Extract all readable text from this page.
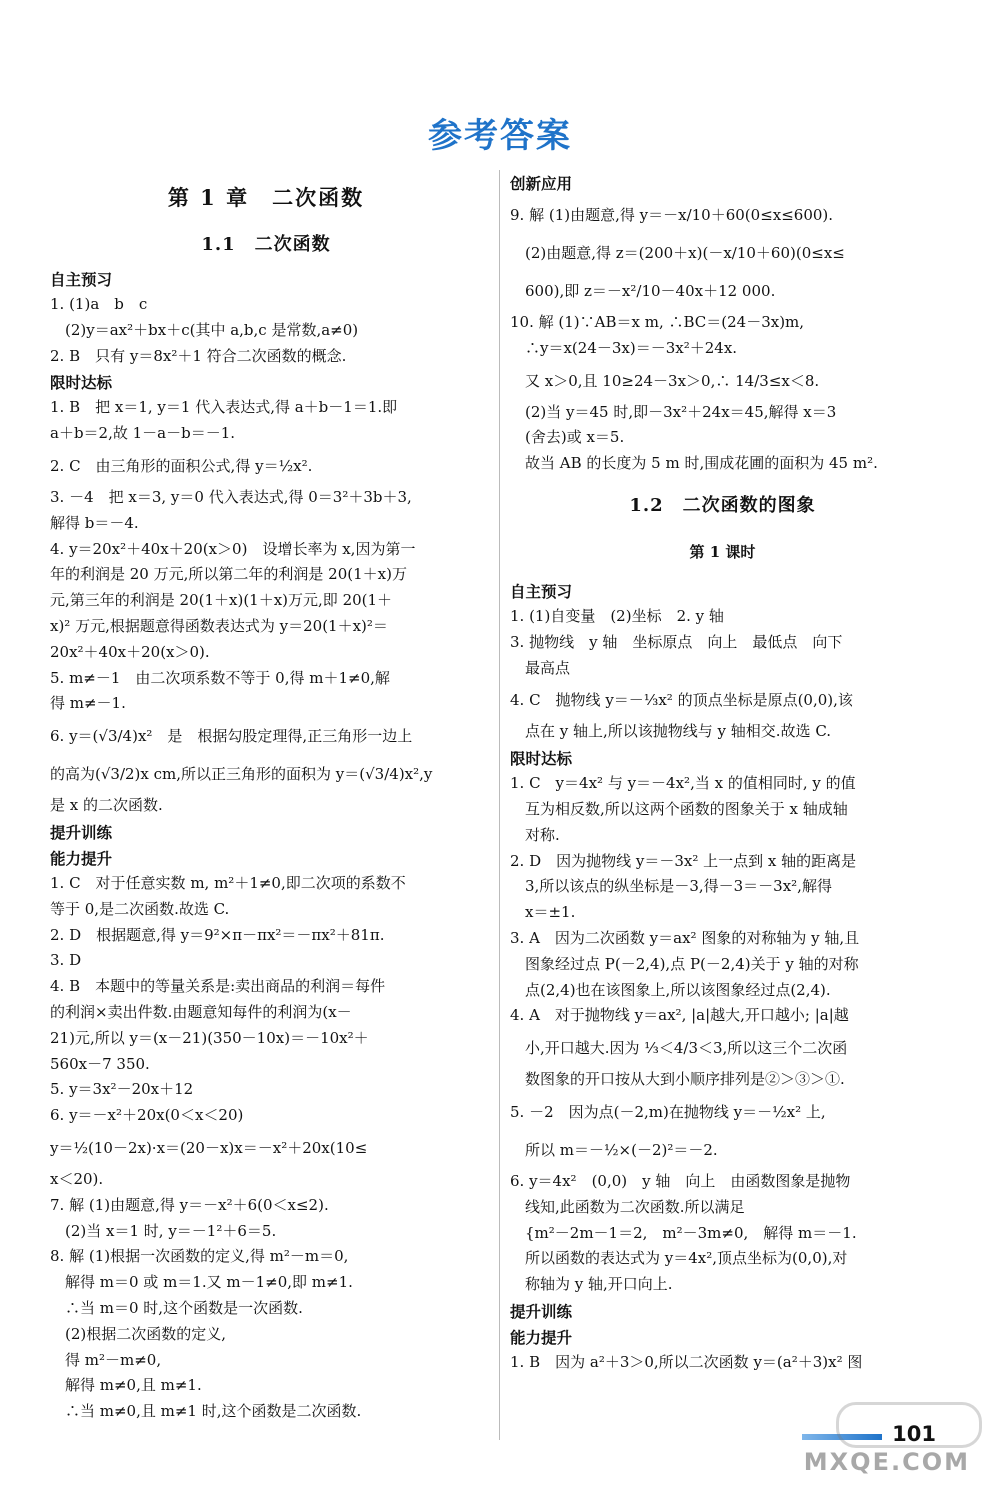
参考答案
第 1 章　二次函数
1.1　二次函数
自主预习
1. (1)a　b　c
　(2)y＝ax²＋bx＋c(其中 a,b,c 是常数,a≠0)
2. B　只有 y＝8x²＋1 符合二次函数的概念.
限时达标
1. B　把 x＝1, y＝1 代入表达式,得 a＋b－1＝1.即
a＋b＝2,故 1－a－b＝－1.
2. C　由三角形的面积公式,得 y＝½x².
3. －4　把 x＝3, y＝0 代入表达式,得 0＝3²＋3b＋3,
解得 b＝－4.
4. y＝20x²＋40x＋20(x＞0)　设增长率为 x,因为第一
年的利润是 20 万元,所以第二年的利润是 20(1＋x)万
元,第三年的利润是 20(1＋x)(1＋x)万元,即 20(1＋
x)² 万元,根据题意得函数表达式为 y＝20(1＋x)²＝
20x²＋40x＋20(x＞0).
5. m≠－1　由二次项系数不等于 0,得 m＋1≠0,解
得 m≠－1.
6. y＝(√3/4)x²　是　根据勾股定理得,正三角形一边上
的高为(√3/2)x cm,所以正三角形的面积为 y＝(√3/4)x²,y
是 x 的二次函数.
提升训练
能力提升
1. C　对于任意实数 m, m²＋1≠0,即二次项的系数不
等于 0,是二次函数.故选 C.
2. D　根据题意,得 y＝9²×π－πx²＝－πx²＋81π.
3. D
4. B　本题中的等量关系是:卖出商品的利润＝每件
的利润×卖出件数.由题意知每件的利润为(x－
21)元,所以 y＝(x－21)(350－10x)＝－10x²＋
560x－7 350.
5. y＝3x²－20x＋12
6. y＝－x²＋20x(0＜x＜20)
y＝½(10－2x)·x＝(20－x)x＝－x²＋20x(10≤
x＜20).
7. 解 (1)由题意,得 y＝－x²＋6(0＜x≤2).
　(2)当 x＝1 时, y＝－1²＋6＝5.
8. 解 (1)根据一次函数的定义,得 m²－m＝0,
　解得 m＝0 或 m＝1.又 m－1≠0,即 m≠1.
　∴当 m＝0 时,这个函数是一次函数.
　(2)根据二次函数的定义,
　得 m²－m≠0,
　解得 m≠0,且 m≠1.
　∴当 m≠0,且 m≠1 时,这个函数是二次函数.
创新应用
9. 解 (1)由题意,得 y＝－x/10＋60(0≤x≤600).
　(2)由题意,得 z＝(200＋x)(－x/10＋60)(0≤x≤
　600),即 z＝－x²/10－40x＋12 000.
10. 解 (1)∵AB＝x m, ∴BC＝(24－3x)m,
　∴y＝x(24－3x)＝－3x²＋24x.
　又 x＞0,且 10≥24－3x＞0,∴ 14/3≤x＜8.
　(2)当 y＝45 时,即－3x²＋24x＝45,解得 x＝3
　(舍去)或 x＝5.
　故当 AB 的长度为 5 m 时,围成花圃的面积为 45 m².
1.2　二次函数的图象
第 1 课时
自主预习
1. (1)自变量　(2)坐标　2. y 轴
3. 抛物线　y 轴　坐标原点　向上　最低点　向下
　最高点
4. C　抛物线 y＝－⅓x² 的顶点坐标是原点(0,0),该
　点在 y 轴上,所以该抛物线与 y 轴相交.故选 C.
限时达标
1. C　y＝4x² 与 y＝－4x²,当 x 的值相同时, y 的值
　互为相反数,所以这两个函数的图象关于 x 轴成轴
　对称.
2. D　因为抛物线 y＝－3x² 上一点到 x 轴的距离是
　3,所以该点的纵坐标是－3,得－3＝－3x²,解得
　x＝±1.
3. A　因为二次函数 y＝ax² 图象的对称轴为 y 轴,且
　图象经过点 P(－2,4),点 P(－2,4)关于 y 轴的对称
　点(2,4)也在该图象上,所以该图象经过点(2,4).
4. A　对于抛物线 y＝ax², |a|越大,开口越小; |a|越
　小,开口越大.因为 ⅓＜4/3＜3,所以这三个二次函
　数图象的开口按从大到小顺序排列是②＞③＞①.
5. －2　因为点(－2,m)在抛物线 y＝－½x² 上,
　所以 m＝－½×(－2)²＝－2.
6. y＝4x²　(0,0)　y 轴　向上　由函数图象是抛物
　线知,此函数为二次函数.所以满足
　{m²－2m－1＝2,　m²－3m≠0,　解得 m＝－1.
　所以函数的表达式为 y＝4x²,顶点坐标为(0,0),对
　称轴为 y 轴,开口向上.
提升训练
能力提升
1. B　因为 a²＋3＞0,所以二次函数 y＝(a²＋3)x² 图
101
MXQE.COM
